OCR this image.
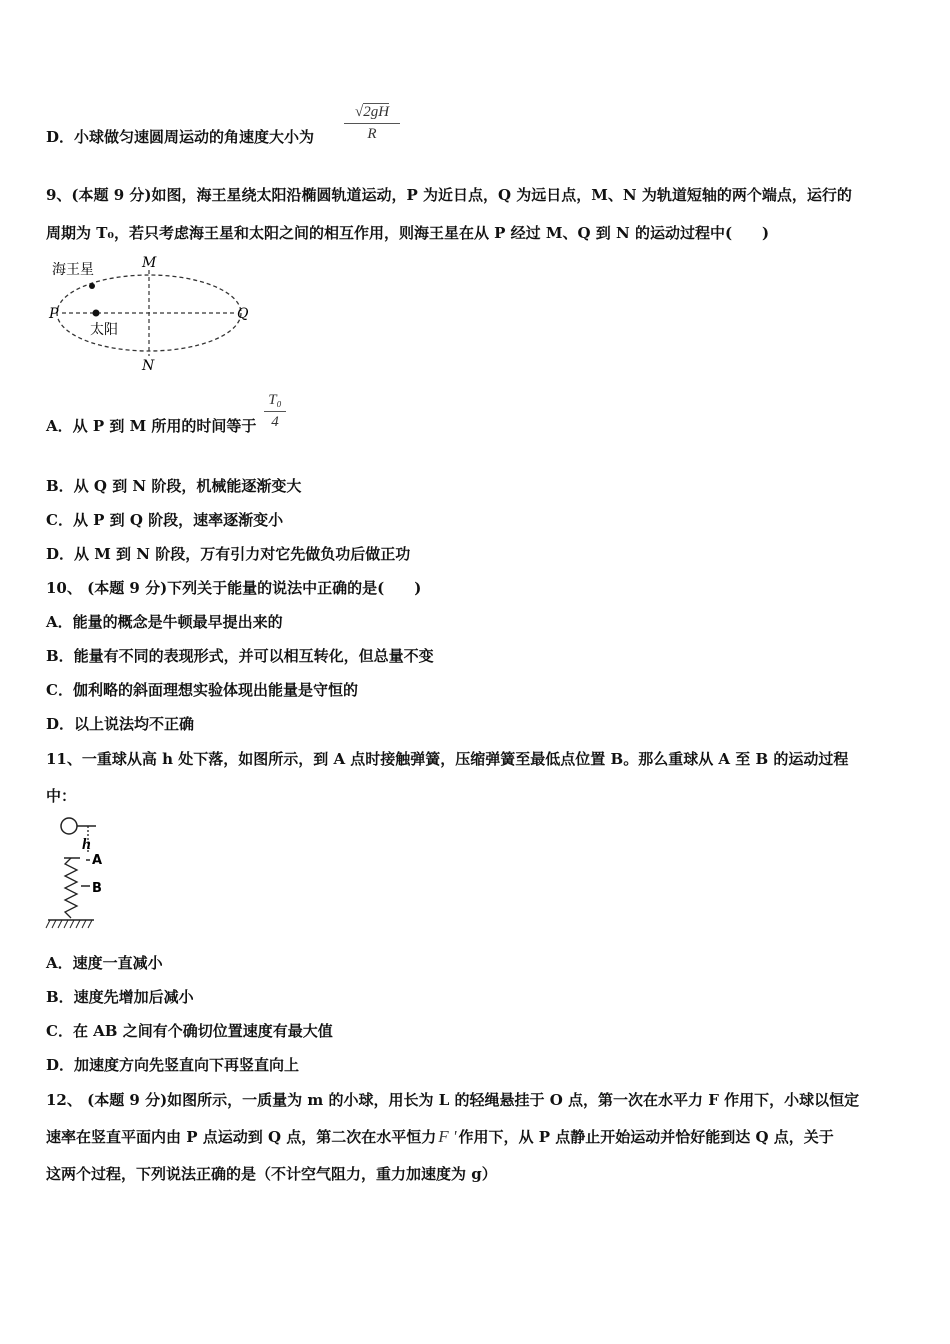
D．小球做匀速圆周运动的角速度大小为
√2gH
R
9、(本题 9 分)如图，海王星绕太阳沿椭圆轨道运动，P 为近日点，Q 为远日点，M、N 为轨道短轴的两个端点，运行的
周期为 T₀，若只考虑海王星和太阳之间的相互作用，则海王星在从 P 经过 M、Q 到 N 的运动过程中(　　)
海王星
太阳
M
N
P	Q
A．从 P 到 M 所用的时间等于
T₀
4
B．从 Q 到 N 阶段，机械能逐渐变大
C．从 P 到 Q 阶段，速率逐渐变小
D．从 M 到 N 阶段，万有引力对它先做负功后做正功
10、 (本题 9 分)下列关于能量的说法中正确的是(　　)
A．能量的概念是牛顿最早提出来的
B．能量有不同的表现形式，并可以相互转化，但总量不变
C．伽利略的斜面理想实验体现出能量是守恒的
D．以上说法均不正确
11、一重球从高 h 处下落，如图所示，到 A 点时接触弹簧，压缩弹簧至最低点位置 B。那么重球从 A 至 B 的运动过程
中：
h
A
B
A．速度一直减小
B．速度先增加后减小
C．在 AB 之间有个确切位置速度有最大值
D．加速度方向先竖直向下再竖直向上
12、 (本题 9 分)如图所示，一质量为 m 的小球，用长为 L 的轻绳悬挂于 O 点，第一次在水平力 F 作用下，小球以恒定
速率在竖直平面内由 P 点运动到 Q 点，第二次在水平恒力 F ' 作用下，从 P 点静止开始运动并恰好能到达 Q 点，关于
这两个过程，下列说法正确的是（不计空气阻力，重力加速度为 g）
